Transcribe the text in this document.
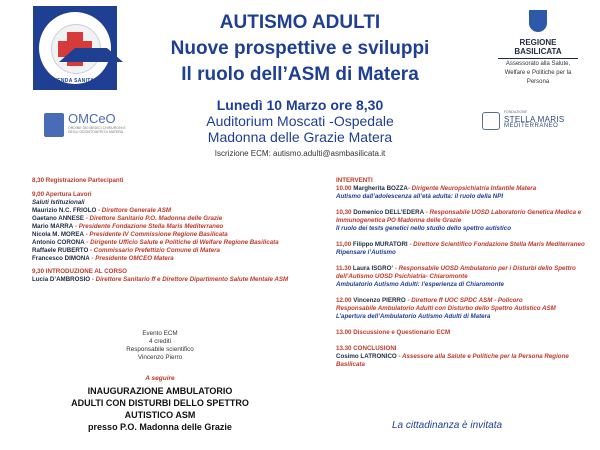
AZIENDA SANITARIA LOCALE MATERA
AUTISMO ADULTI
Nuove prospettive e sviluppi
Il ruolo dell’ASM di Matera
Lunedì 10 Marzo ore 8,30
Auditorium Moscati -Ospedale
Madonna delle Grazie Matera
Iscrizione ECM: autismo.adulti@asmbasilicata.it
REGIONE BASILICATA
Assessorato alla Salute,
Welfare e Politiche per la
Persona
OMCeO
ORDINE DEI MEDICI CHIRURGHI E DEGLI ODONTOIATRI DI MATERA
FONDAZIONE
STELLA MARIS
MEDITERRANEO
8,30 Registrazione Partecipanti
9,00 Apertura Lavori
Saluti Istituzionali
Maurizio N.C. FRIOLO - Direttore Generale ASM
Gaetano ANNESE - Direttore Sanitario P.O. Madonna delle Grazie
Mario MARRA - Presidente Fondazione Stella Maris Mediterraneo
Nicola M. MOREA - Presidente IV Commissione Regione Basilicata
Antonio CORONA - Dirigente Ufficio Salute e Politiche di Welfare Regione Basilicata
Raffaele RUBERTO - Commissario Prefettizio Comune di Matera
Francesco DIMONA - Presidente OMCEO Matera
9,30 INTRODUZIONE AL CORSO
Lucia D’AMBROSIO - Direttore Sanitario ff e Direttore Dipartimento Salute Mentale ASM
Evento ECM
4 crediti
Responsabile scientifico
Vincenzo Pierro
A seguire
INAUGURAZIONE AMBULATORIO
ADULTI CON DISTURBI DELLO SPETTRO
AUTISTICO ASM
presso P.O. Madonna delle Grazie
INTERVENTI
10.00 Margherita BOZZA- Dirigente Neuropsichiatria Infantile Matera
Autismo dall’adolescenza all’età adulta: il ruolo della NPI
10,30 Domenico DELL’EDERA - Responsabile UOSD Laboratorio Genetica Medica e Immunogenetica PO Madonna delle Grazie
Il ruolo dei tests genetici nello studio dello spettro autistico
11,00 Filippo MURATORI - Direttore Scientifico Fondazione Stella Maris Mediterraneo
Ripensare l’Autismo
11.30 Laura ISGRO’ - Responsabile UOSD Ambulatorio per i Disturbi dello Spettro dell’Autismo UOSD Psichiatria- Chiaromonte
Ambulatorio Autismo Adulti: l’esperienza di Chiaromonte
12.00 Vincenzo PIERRO - Direttore ff UOC SPDC ASM - Policoro
Responsabile Ambulatorio Adulti con Disturbo dello Spettro Autistico ASM
L’apertura dell’Ambulatorio Autismo Adulti di Matera
13.00 Discussione e Questionario ECM
13.30 CONCLUSIONI
Cosimo LATRONICO - Assessore alla Salute e Politiche per la Persona Regione Basilicata
La cittadinanza è invitata
